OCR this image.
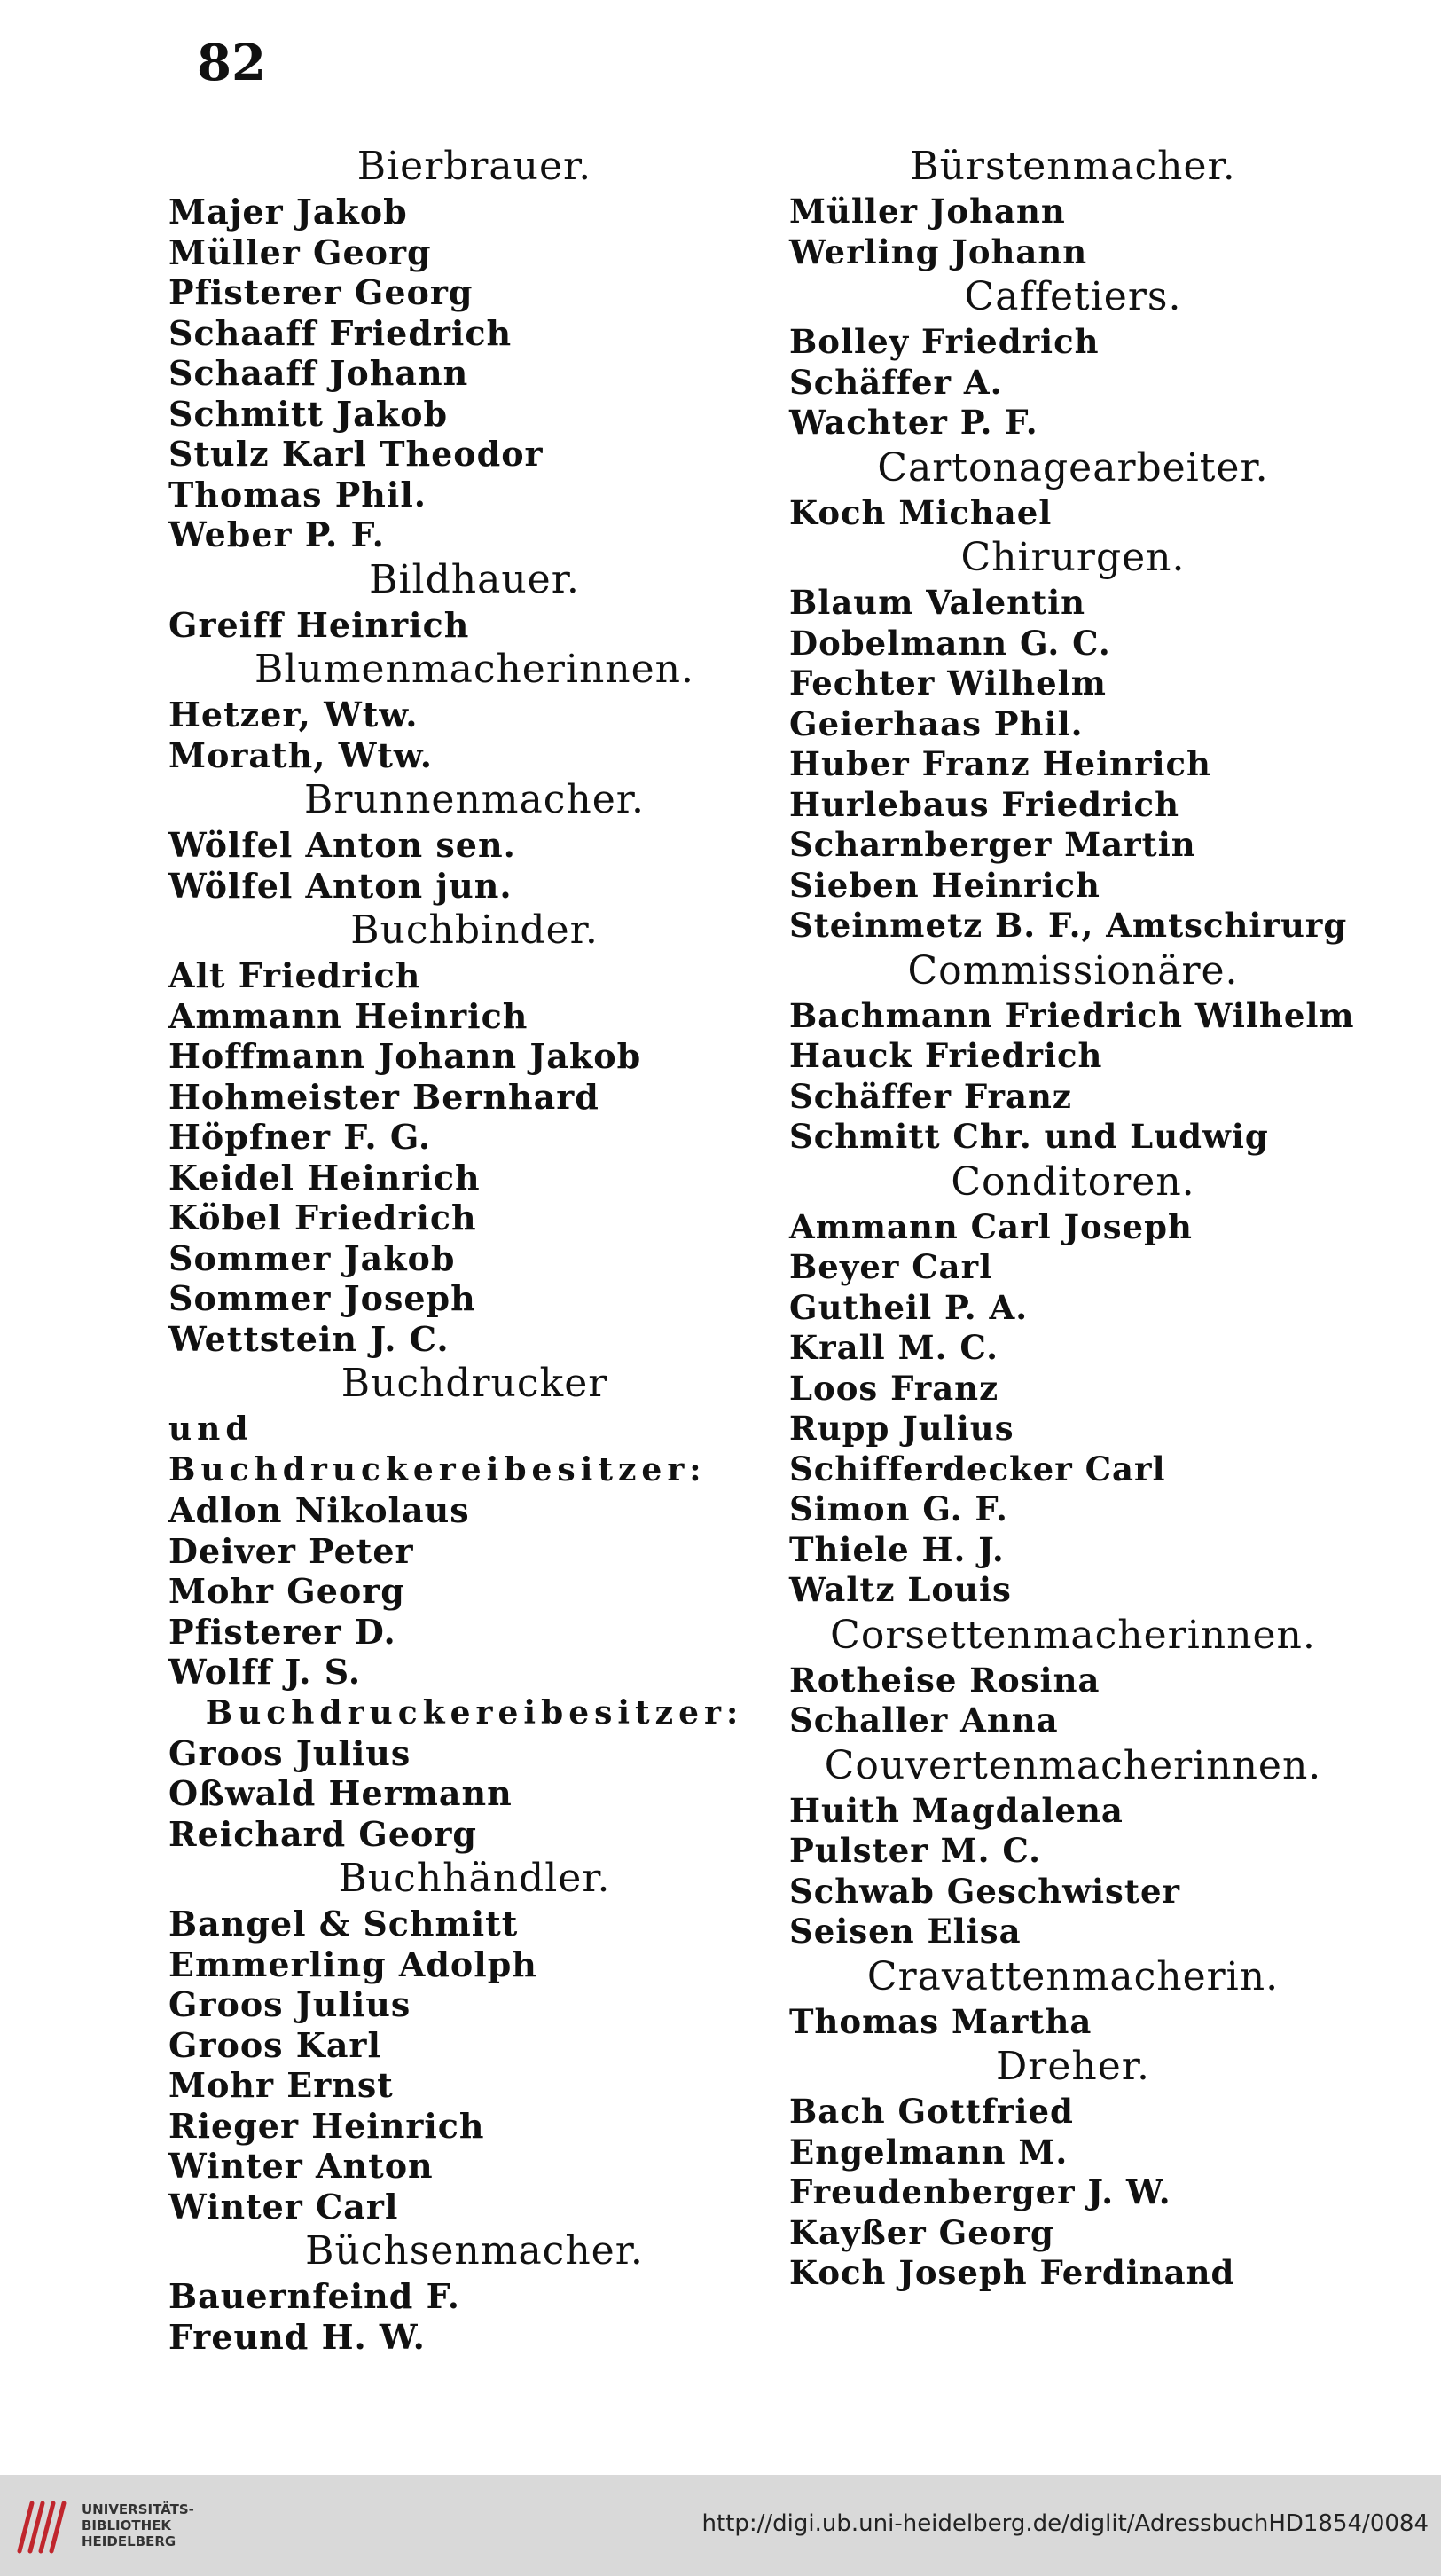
82
Bierbrauer.
Majer Jakob
Müller Georg
Pfisterer Georg
Schaaff Friedrich
Schaaff Johann
Schmitt Jakob
Stulz Karl Theodor
Thomas Phil.
Weber P. F.
Bildhauer.
Greiff Heinrich
Blumenmacherinnen.
Hetzer, Wtw.
Morath, Wtw.
Brunnenmacher.
Wölfel Anton sen.
Wölfel Anton jun.
Buchbinder.
Alt Friedrich
Ammann Heinrich
Hoffmann Johann Jakob
Hohmeister Bernhard
Höpfner F. G.
Keidel Heinrich
Köbel Friedrich
Sommer Jakob
Sommer Joseph
Wettstein J. C.
Buchdrucker
und Buchdruckereibesitzer:
Adlon Nikolaus
Deiver Peter
Mohr Georg
Pfisterer D.
Wolff J. S.
Buchdruckereibesitzer:
Groos Julius
Oßwald Hermann
Reichard Georg
Buchhändler.
Bangel & Schmitt
Emmerling Adolph
Groos Julius
Groos Karl
Mohr Ernst
Rieger Heinrich
Winter Anton
Winter Carl
Büchsenmacher.
Bauernfeind F.
Freund H. W.
Bürstenmacher.
Müller Johann
Werling Johann
Caffetiers.
Bolley Friedrich
Schäffer A.
Wachter P. F.
Cartonagearbeiter.
Koch Michael
Chirurgen.
Blaum Valentin
Dobelmann G. C.
Fechter Wilhelm
Geierhaas Phil.
Huber Franz Heinrich
Hurlebaus Friedrich
Scharnberger Martin
Sieben Heinrich
Steinmetz B. F., Amtschirurg
Commissionäre.
Bachmann Friedrich Wilhelm
Hauck Friedrich
Schäffer Franz
Schmitt Chr. und Ludwig
Conditoren.
Ammann Carl Joseph
Beyer Carl
Gutheil P. A.
Krall M. C.
Loos Franz
Rupp Julius
Schifferdecker Carl
Simon G. F.
Thiele H. J.
Waltz Louis
Corsettenmacherinnen.
Rotheise Rosina
Schaller Anna
Couvertenmacherinnen.
Huith Magdalena
Pulster M. C.
Schwab Geschwister
Seisen Elisa
Cravattenmacherin.
Thomas Martha
Dreher.
Bach Gottfried
Engelmann M.
Freudenberger J. W.
Kayßer Georg
Koch Joseph Ferdinand
UNIVERSITÄTS-
BIBLIOTHEK
HEIDELBERG
http://digi.ub.uni-heidelberg.de/diglit/AdressbuchHD1854/0084
